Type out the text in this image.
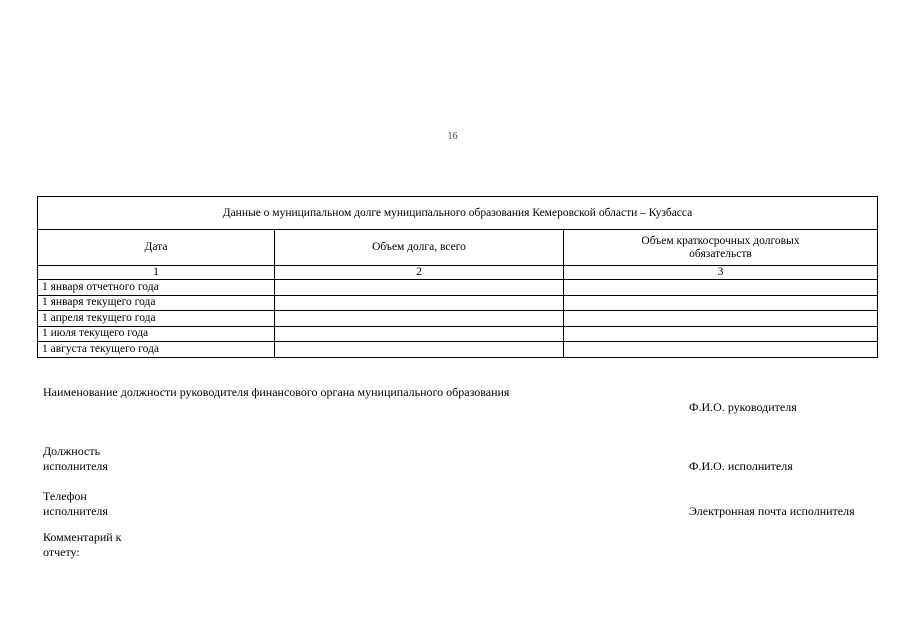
16
Данные о муниципальном долге муниципального образования Кемеровской области – Кузбасса		
Дата	Объем долга, всего	Объем краткосрочных долговых обязательств
1	2	3
1 января отчетного года		
1 января текущего года		
1 апреля текущего года		
1 июля текущего года		
1 августа текущего года		
Наименование должности руководителя финансового органа муниципального образования
Ф.И.О. руководителя
Должность
исполнителя	Ф.И.О. исполнителя
Телефон
исполнителя	Электронная почта исполнителя
Комментарий к
отчету:
